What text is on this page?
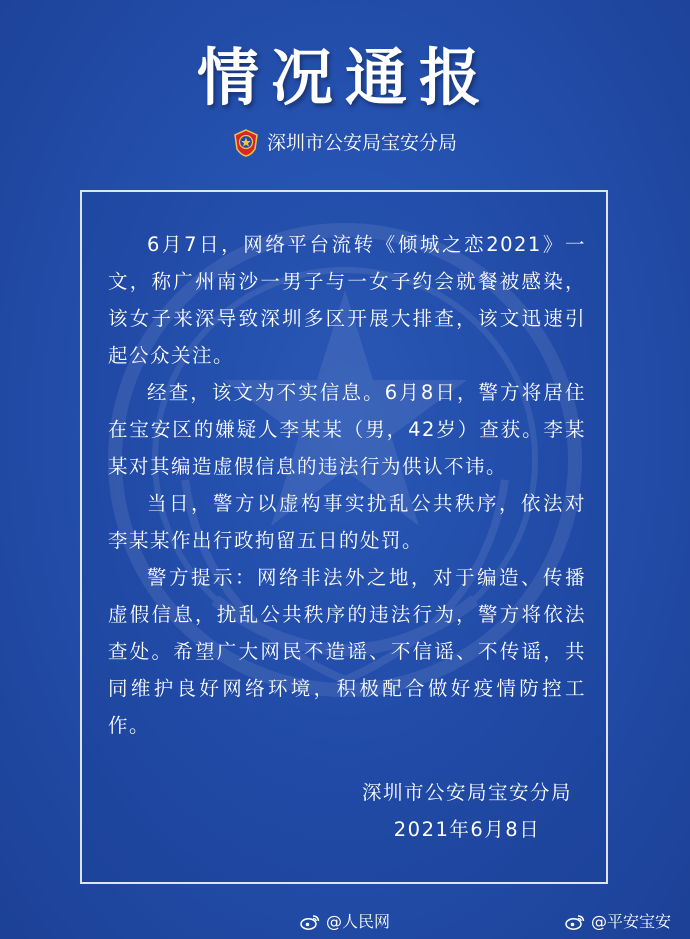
情况通报
深圳市公安局宝安分局

6月7日，网络平台流转《倾城之恋2021》一文，称广州南沙一男子与一女子约会就餐被感染，该女子来深导致深圳多区开展大排查，该文迅速引起公众关注。

经查，该文为不实信息。6月8日，警方将居住在宝安区的嫌疑人李某某（男，42岁）查获。李某某对其编造虚假信息的违法行为供认不讳。

当日，警方以虚构事实扰乱公共秩序，依法对李某某作出行政拘留五日的处罚。

警方提示：网络非法外之地，对于编造、传播虚假信息，扰乱公共秩序的违法行为，警方将依法查处。希望广大网民不造谣、不信谣、不传谣，共同维护良好网络环境，积极配合做好疫情防控工作。

深圳市公安局宝安分局
2021年6月8日
@人民网	@平安宝安
